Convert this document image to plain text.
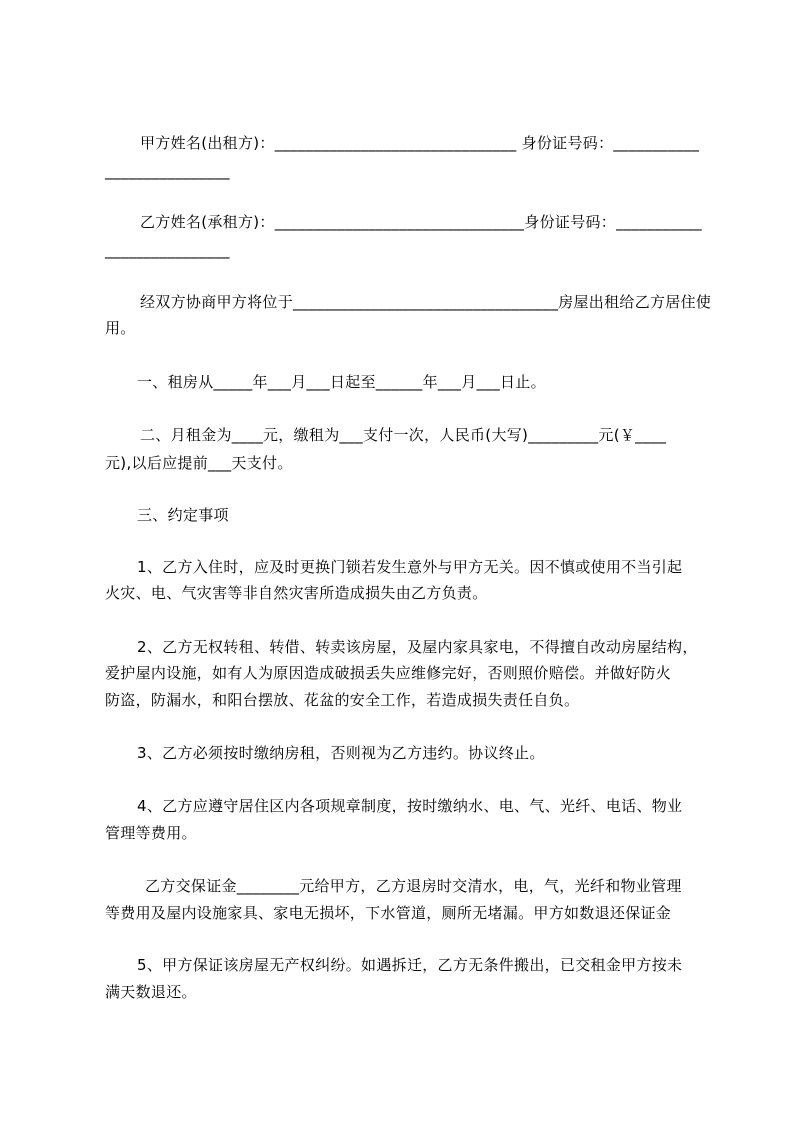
甲方姓名(出租方)：_______________________________ 身份证号码：___________
________________
乙方姓名(承租方)：________________________________身份证号码：___________
________________
经双方协商甲方将位于__________________________________房屋出租给乙方居住使
用。
一、租房从_____年___月___日起至______年___月___日止。
二、月租金为____元，缴租为___支付一次，人民币(大写)_________元(￥____
元),以后应提前___天支付。
三、约定事项
1、乙方入住时，应及时更换门锁若发生意外与甲方无关。因不慎或使用不当引起
火灾、电、气灾害等非自然灾害所造成损失由乙方负责。
2、乙方无权转租、转借、转卖该房屋，及屋内家具家电，不得擅自改动房屋结构，
爱护屋内设施，如有人为原因造成破损丢失应维修完好，否则照价赔偿。并做好防火
防盗，防漏水，和阳台摆放、花盆的安全工作，若造成损失责任自负。
3、乙方必须按时缴纳房租，否则视为乙方违约。协议终止。
4、乙方应遵守居住区内各项规章制度，按时缴纳水、电、气、光纤、电话、物业
管理等费用。
乙方交保证金________元给甲方，乙方退房时交清水，电，气，光纤和物业管理
等费用及屋内设施家具、家电无损坏，下水管道，厕所无堵漏。甲方如数退还保证金
5、甲方保证该房屋无产权纠纷。如遇拆迁，乙方无条件搬出，已交租金甲方按未
满天数退还。
